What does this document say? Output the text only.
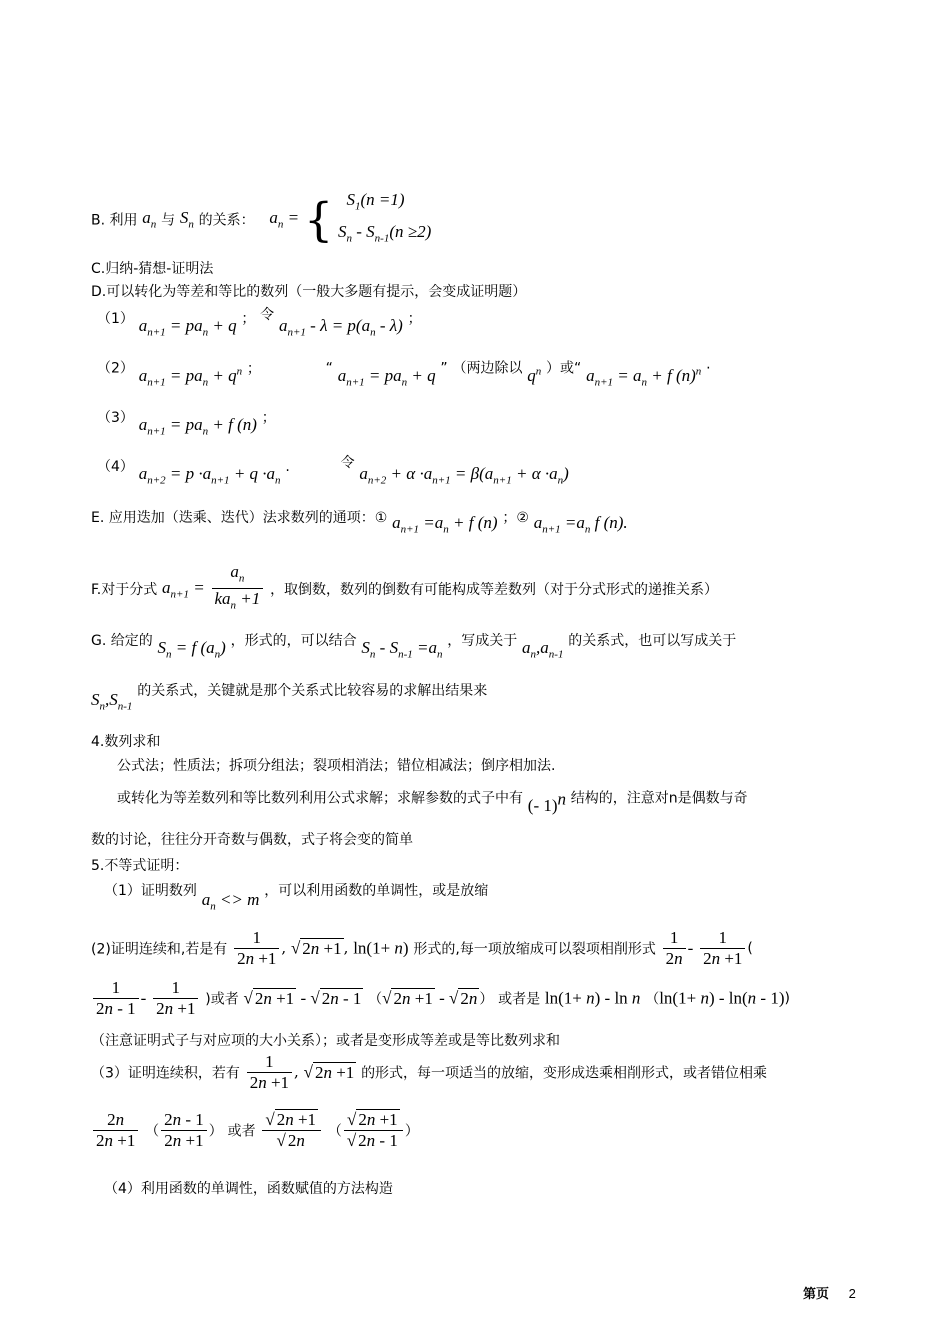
B. 利用 $a_n$ 与 $S_n$ 的关系： $a_n$ = { $S_1(n =1)$
$S_n - S_{n-1}(n \ge 2)$
C.归纳-猜想-证明法
D.可以转化为等差和等比的数列（一般大多题有提示，会变成证明题）
（1） $a_{n+1} = pa_n + q$ ； 令 $a_{n+1} - \lambda = p(a_n - \lambda)$ ；
（2） $a_{n+1} = pa_n + q^n$ ；	“ $a_{n+1} = pa_n + q$ ” （两边除以 $q^n$ ）或“ $a_{n+1} = a_n + f$ $(n)^n$ ·
（3） $a_{n+1} = pa_n + f$ (n) ；
（4） $a_{n+2} = p \cdot a_{n+1} + q \cdot a_n$ .	令 $a_{n+2} + \alpha \cdot a_{n+1} = \beta(a_{n+1} + \alpha \cdot a_n)$
E. 应用迭加（迭乘、迭代）法求数列的通项：① $a_{n+1} =a_n + f$ (n) ；② $a_{n+1} =a_n$ f (n).
F.对于分式 $a_{n+1} = \frac{a_n}{ka_n +1}$ ，取倒数，数列的倒数有可能构成等差数列（对于分式形式的递推关系）
G. 给定的 $S_n = f$ $(a_n)$ ，形式的，可以结合 $S_n - S_{n-1} =a_n$ ，写成关于 $a_n,a_{n-1}$ 的关系式，也可以写成关于
$S_n,S_{n-1}$ 的关系式，关键就是那个关系式比较容易的求解出结果来
4.数列求和
公式法；性质法；拆项分组法；裂项相消法；错位相减法；倒序相加法.
或转化为等差数列和等比数列利用公式求解；求解参数的式子中有 (- 1)$^n$ 结构的，注意对n是偶数与奇
数的讨论，往往分开奇数与偶数，式子将会变的简单
5.不等式证明：
（1）证明数列 $a_n <> m$ ，可以利用函数的单调性，或是放缩
(2)证明连续和,若是有 $\frac{1}{2n +1}$ , √ 2n +1 , ln(1+ n) 形式的,每一项放缩成可以裂项相削形式 $\frac{1}{2n} - \frac{1}{2n +1}$ (
$\frac{1}{2n - 1} - \frac{1}{2n +1}$ )或者 √ 2n +1 - √ 2n - 1 （√ 2n +1 - √ 2n ） 或者是 ln(1+ n) - ln n （ln(1+ n) - ln(n - 1))
（注意证明式子与对应项的大小关系）；或者是变形成等差或是等比数列求和
（3）证明连续积，若有 $\frac{1}{2n +1}$ , √ 2n +1 的形式，每一项适当的放缩，变形成迭乘相削形式，或者错位相乘
$\frac{2n}{2n +1}$ （ $\frac{2n - 1}{2n +1}$ ） 或者 $\frac{√ 2n +1}{√ 2n}$ （ $\frac{√ 2n +1}{√ 2n - 1}$ ）
（4）利用函数的单调性，函数赋值的方法构造
第页 2
